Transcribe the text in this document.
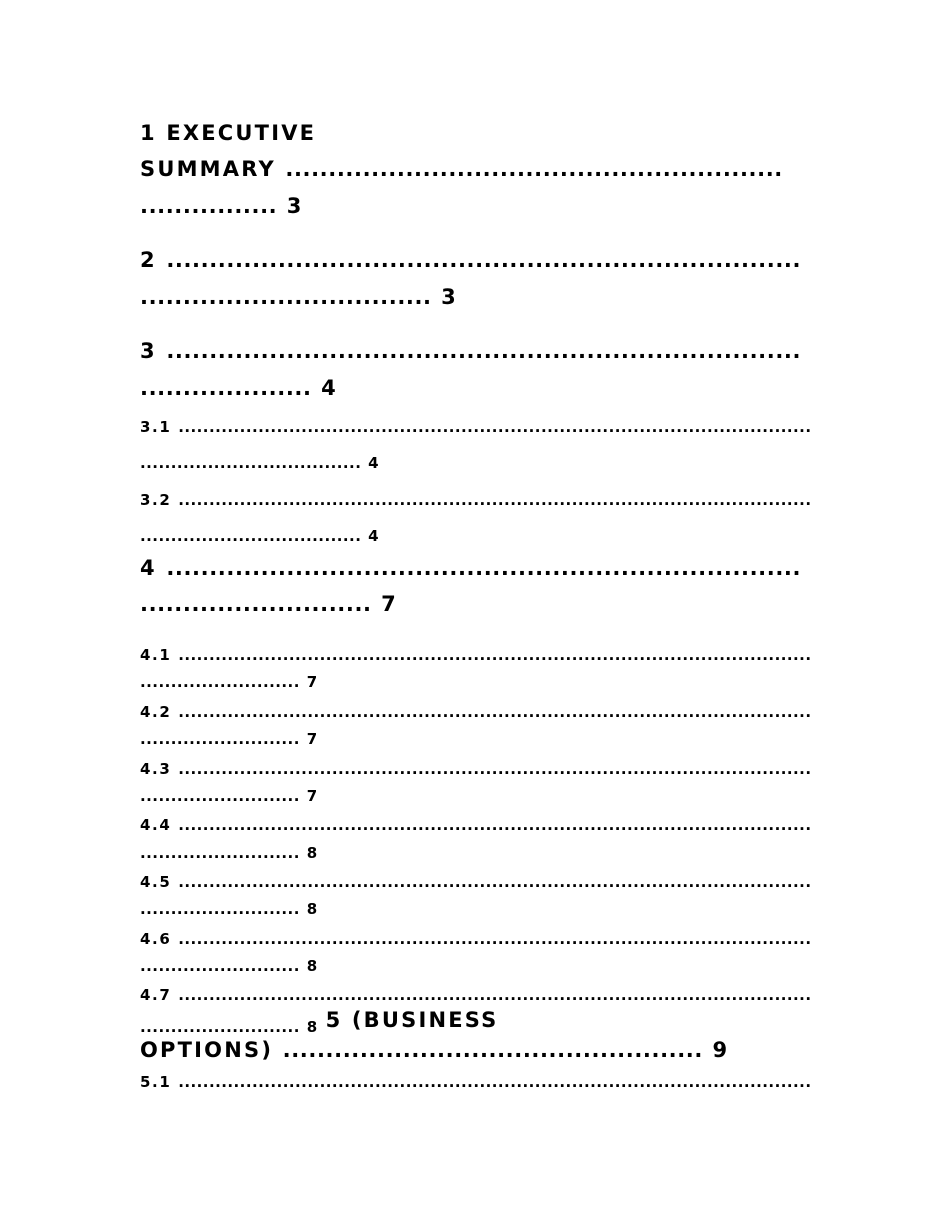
1 EXECUTIVE
SUMMARY ..........................................................
................ 3
2 ..........................................................................
.................................. 3
3 ..........................................................................
.................... 4
3.1 .......................................................................................................
.................................... 4
3.2 .......................................................................................................
.................................... 4
4 ..........................................................................
........................... 7
4.1 .......................................................................................................
.......................... 7
4.2 .......................................................................................................
.......................... 7
4.3 .......................................................................................................
.......................... 7
4.4 .......................................................................................................
.......................... 8
4.5 .......................................................................................................
.......................... 8
4.6 .......................................................................................................
.......................... 8
4.7 .......................................................................................................
.......................... 8 5 (BUSINESS
OPTIONS) ................................................. 9
5.1 .......................................................................................................
